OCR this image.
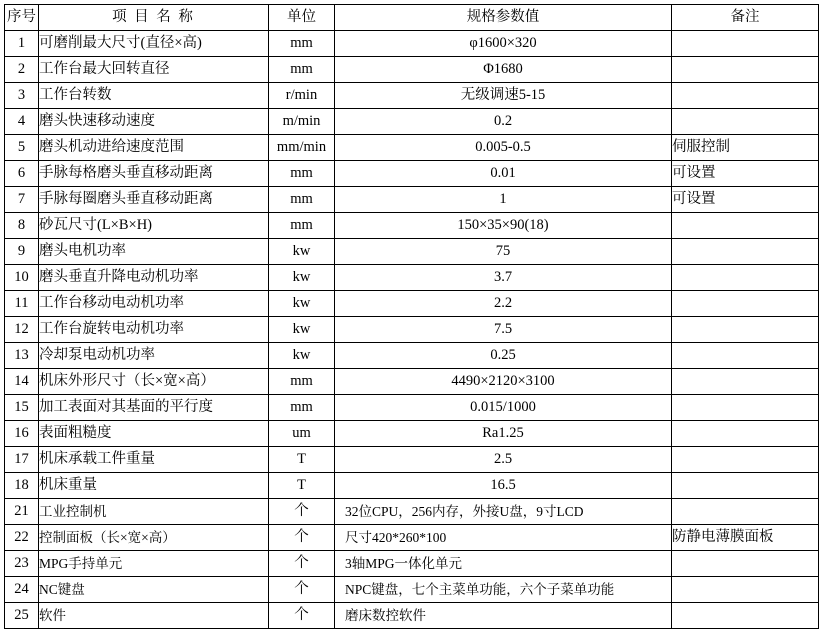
序号	项 目 名 称	单位	规格参数值	备注
1	可磨削最大尺寸(直径×高)	mm	φ1600×320	
2	工作台最大回转直径	mm	Φ1680	
3	工作台转数	r/min	无级调速5-15	
4	磨头快速移动速度	m/min	0.2	
5	磨头机动进给速度范围	mm/min	0.005-0.5	伺服控制
6	手脉每格磨头垂直移动距离	mm	0.01	可设置
7	手脉每圈磨头垂直移动距离	mm	1	可设置
8	砂瓦尺寸(L×B×H)	mm	150×35×90(18)	
9	磨头电机功率	kw	75	
10	磨头垂直升降电动机功率	kw	3.7	
11	工作台移动电动机功率	kw	2.2	
12	工作台旋转电动机功率	kw	7.5	
13	冷却泵电动机功率	kw	0.25	
14	机床外形尺寸（长×宽×高）	mm	4490×2120×3100	
15	加工表面对其基面的平行度	mm	0.015/1000	
16	表面粗糙度	um	Ra1.25	
17	机床承载工件重量	T	2.5	
18	机床重量	T	16.5	
21	工业控制机	个	32位CPU，256内存，外接U盘，9寸LCD	
22	控制面板（长×宽×高）	个	尺寸420*260*100	防静电薄膜面板
23	MPG手持单元	个	3轴MPG一体化单元	
24	NC键盘	个	NPC键盘，七个主菜单功能，六个子菜单功能	
25	软件	个	磨床数控软件	
